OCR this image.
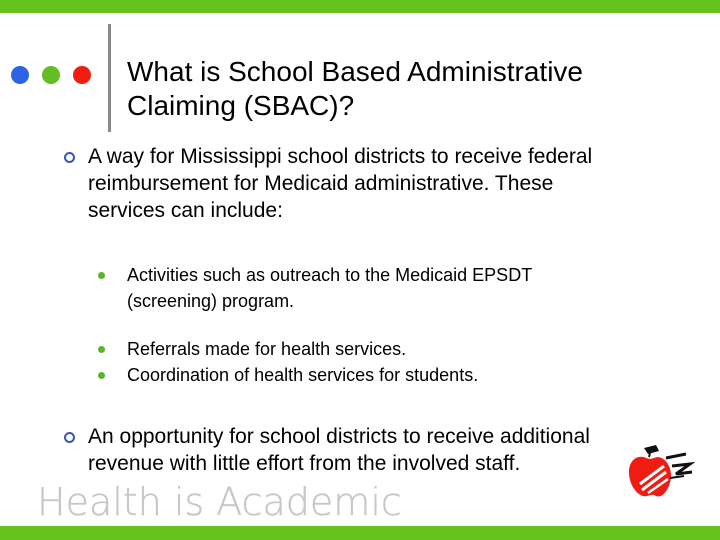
What is School Based Administrative
Claiming (SBAC)?
A way for Mississippi school districts to receive federal
reimbursement for Medicaid administrative. These
services can include:
Activities such as outreach to the Medicaid EPSDT
(screening) program.
Referrals made for health services.
Coordination of health services for students.
An opportunity for school districts to receive additional
revenue with little effort from the involved staff.
Health is Academic
